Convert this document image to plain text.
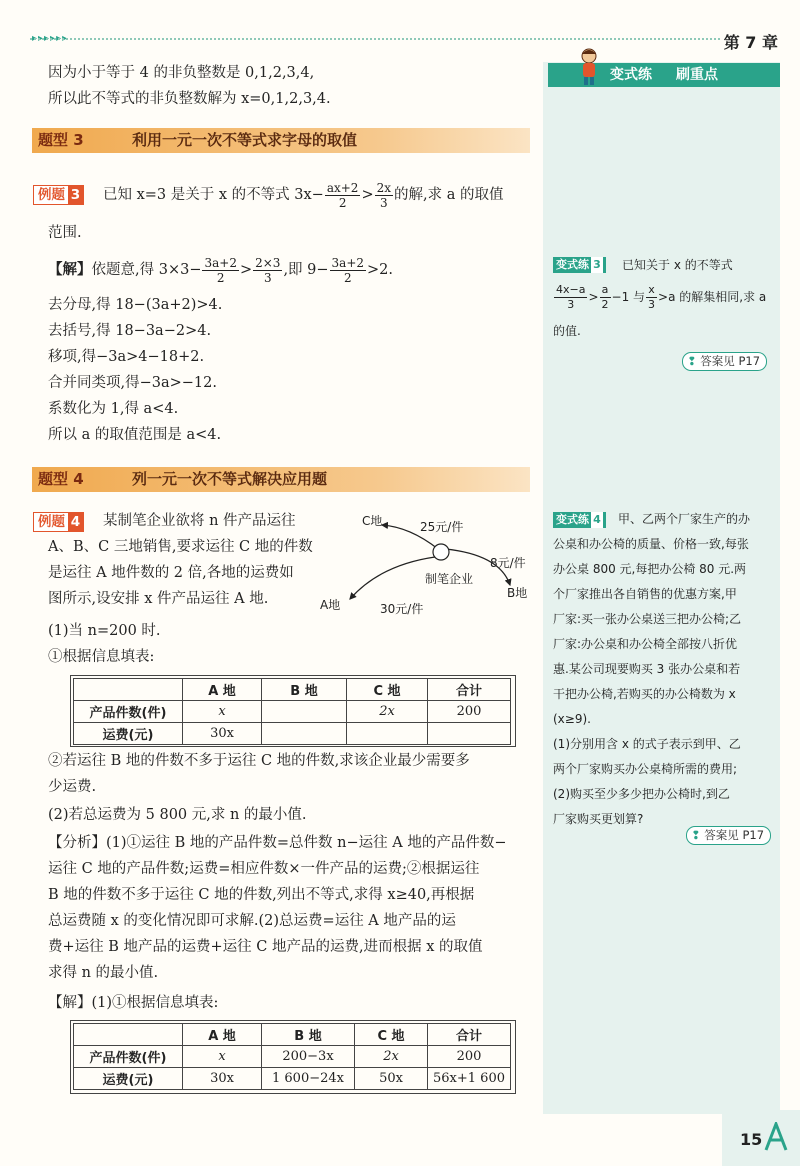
▸▸▸▸▸▸	第 7 章
变式练 刷重点
因为小于等于 4 的非负整数是 0,1,2,3,4,
所以此不等式的非负整数解为 x=0,1,2,3,4.
题型 3	利用一元一次不等式求字母的取值
例题 3 已知 x=3 是关于 x 的不等式 $3x- \frac{ax+2}{2} > \frac{2x}{3}$ 的解,求 a 的取值
范围.
【解】依题意,得 $3\times 3- \frac{3a+2}{2} > \frac{2\times 3}{3}$ ,即 $9- \frac{3a+2}{2} >2$.
去分母,得 18−(3a+2)>4.
去括号,得 18−3a−2>4.
移项,得−3a>4−18+2.
合并同类项,得−3a>−12.
系数化为 1,得 a<4.
所以 a 的取值范围是 a<4.
变式练 3	已知关于 x 的不等式
$\frac{4x-a}{3} > \frac{a}{2} -1$ 与 $\frac{x}{3} >a$ 的解集相同,求 a
的值.
❢ 答案见 P17
题型 4	列一元一次不等式解决应用题
例题 4 某制笔企业欲将 n 件产品运往
A、B、C 三地销售,要求运往 C 地的件数
是运往 A 地件数的 2 倍,各地的运费如
图所示,设安排 x 件产品运往 A 地.
C地	25元/件
8元/件
制笔企业
B地
A地	30元/件
(1)当 n=200 时.
①根据信息填表:
	A 地	B 地	C 地	合计
产品件数(件)	x		2x	200
运费(元)	30x			
②若运往 B 地的件数不多于运往 C 地的件数,求该企业最少需要多
少运费.
(2)若总运费为 5 800 元,求 n 的最小值.
【分析】(1)①运往 B 地的产品件数=总件数 n−运往 A 地的产品件数−
运往 C 地的产品件数;运费=相应件数×一件产品的运费;②根据运往
B 地的件数不多于运往 C 地的件数,列出不等式,求得 x≥40,再根据
总运费随 x 的变化情况即可求解.(2)总运费=运往 A 地产品的运
费+运往 B 地产品的运费+运往 C 地产品的运费,进而根据 x 的取值
求得 n 的最小值.
【解】(1)①根据信息填表:
	A 地	B 地	C 地	合计
产品件数(件)	x	200−3x	2x	200
运费(元)	30x	1 600−24x	50x	56x+1 600
变式练 4	甲、乙两个厂家生产的办
公桌和办公椅的质量、价格一致,每张
办公桌 800 元,每把办公椅 80 元.两
个厂家推出各自销售的优惠方案,甲
厂家:买一张办公桌送三把办公椅;乙
厂家:办公桌和办公椅全部按八折优
惠.某公司现要购买 3 张办公桌和若
干把办公椅,若购买的办公椅数为 x
(x≥9).
(1)分别用含 x 的式子表示到甲、乙
两个厂家购买办公桌椅所需的费用;
(2)购买至少多少把办公椅时,到乙
厂家购买更划算?
❢ 答案见 P17
15
